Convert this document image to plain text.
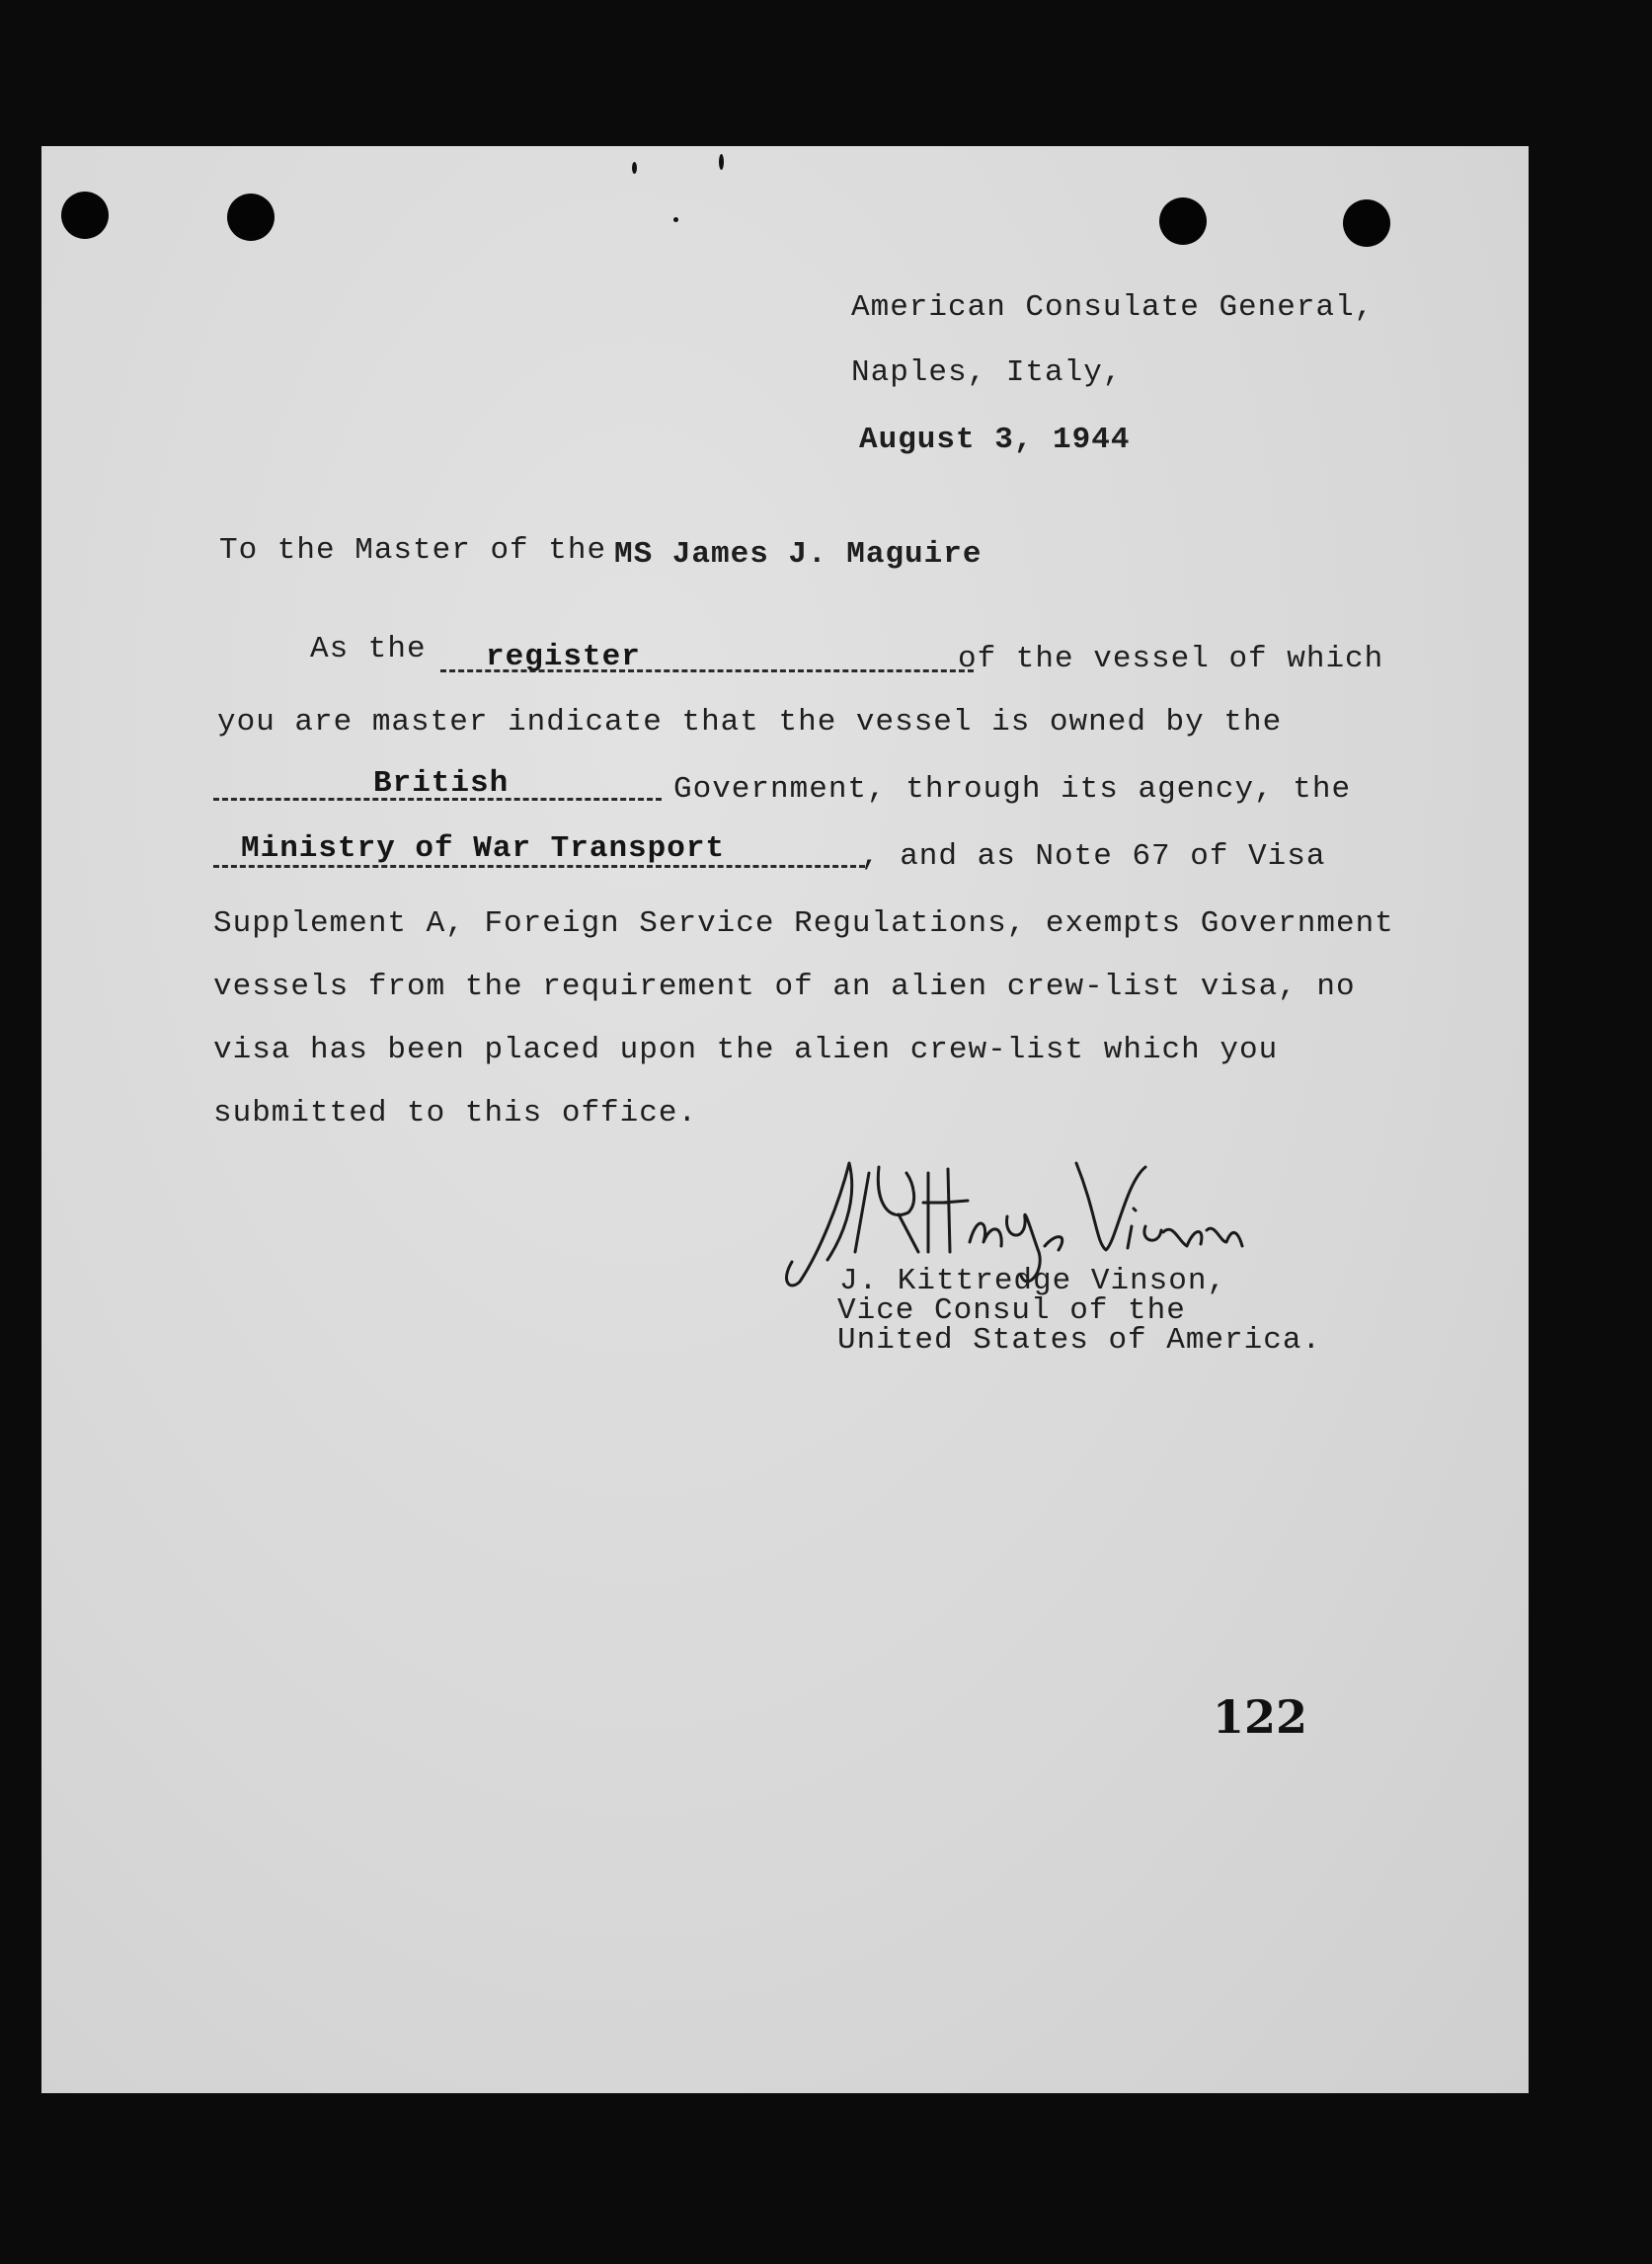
American Consulate General,
Naples, Italy,
August 3, 1944
To the Master of the MS James J. Maguire
As the register	of the vessel of which
you are master indicate that the vessel is owned by the
British	Government, through its agency, the
Ministry of War Transport	, and as Note 67 of Visa
Supplement A, Foreign Service Regulations, exempts Government
vessels from the requirement of an alien crew-list visa, no
visa has been placed upon the alien crew-list which you
submitted to this office.
J. Kittredge Vinson,
Vice Consul of the
United States of America.
122
